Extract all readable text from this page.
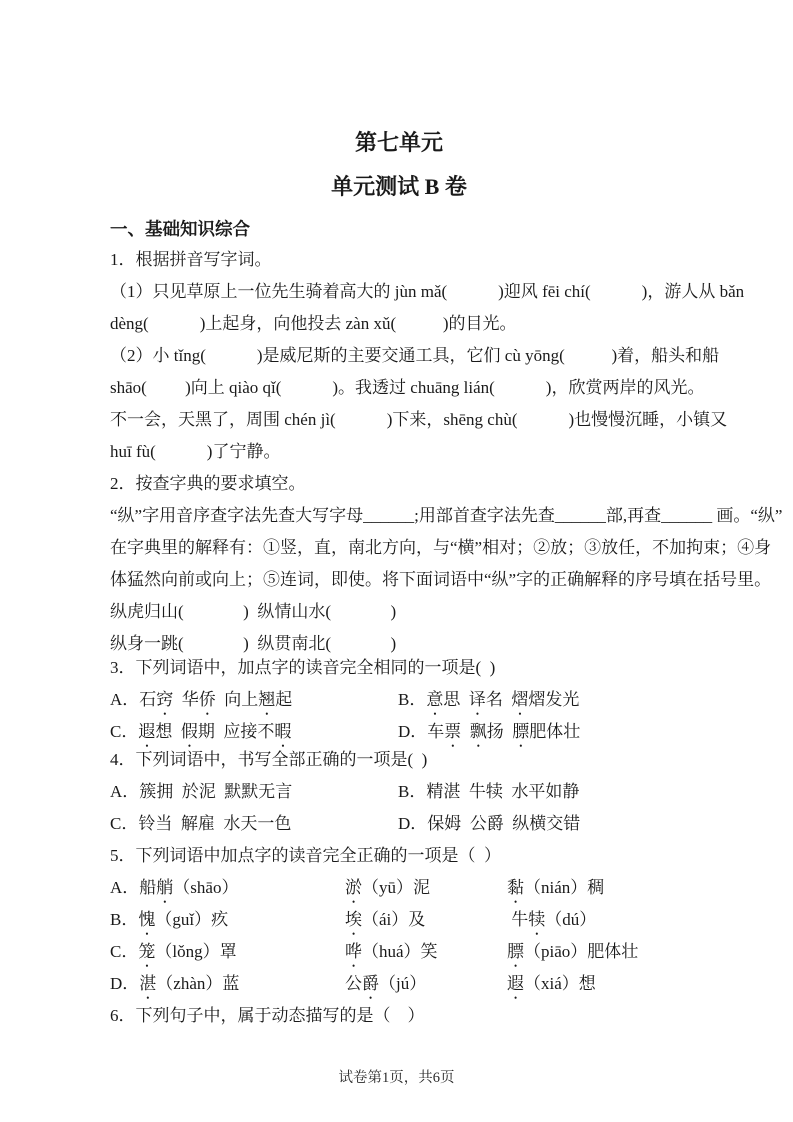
第七单元
单元测试 B 卷
一、基础知识综合
1．根据拼音写字词。
（1）只见草原上一位先生骑着高大的 jùn mǎ(            )迎风 fēi chí(            )，游人从 bǎn
dèng(            )上起身，向他投去 zàn xǔ(           )的目光。
（2）小 tǐng(            )是威尼斯的主要交通工具，它们 cù yōng(           )着，船头和船
shāo(         )向上 qiào qǐ(            )。我透过 chuāng lián(            )，欣赏两岸的风光。
不一会，天黑了，周围 chén jì(            )下来，shēng chù(            )也慢慢沉睡，小镇又
huī fù(            )了宁静。
2．按查字典的要求填空。
“纵”字用音序查字法先查大写字母______;用部首查字法先查______部,再查______ 画。“纵”
在字典里的解释有：①竖，直，南北方向，与“横”相对；②放；③放任，不加拘束；④身
体猛然向前或向上；⑤连词，即使。将下面词语中“纵”字的正确解释的序号填在括号里。
纵虎归山(              )  纵情山水(              )
纵身一跳(              )  纵贯南北(              )
3．下列词语中，加点字的读音完全相同的一项是(  )
A．石窍  华侨  向上翘起	B．意思  译名  熠熠发光
C．遐想  假期  应接不暇	D．车票 飘扬  膘肥体壮
4．下列词语中，书写全部正确的一项是(  )
A．簇拥  於泥  默默无言	B．精湛  牛犊  水平如静
C．铃当  解雇  水天一色	D．保姆  公爵  纵横交错
5．下列词语中加点字的读音完全正确的一项是（  ）
A．船艄（shāo）	淤（yū）泥	黏（nián）稠
B．愧（guǐ）疚	埃（ái）及	牛犊（dú）
C．笼（lǒng）罩	哗（huá）笑	膘（piāo）肥体壮
D．湛（zhàn）蓝	公爵（jú）	遐（xiá）想
6．下列句子中，属于动态描写的是（　）
试卷第1页，共6页
